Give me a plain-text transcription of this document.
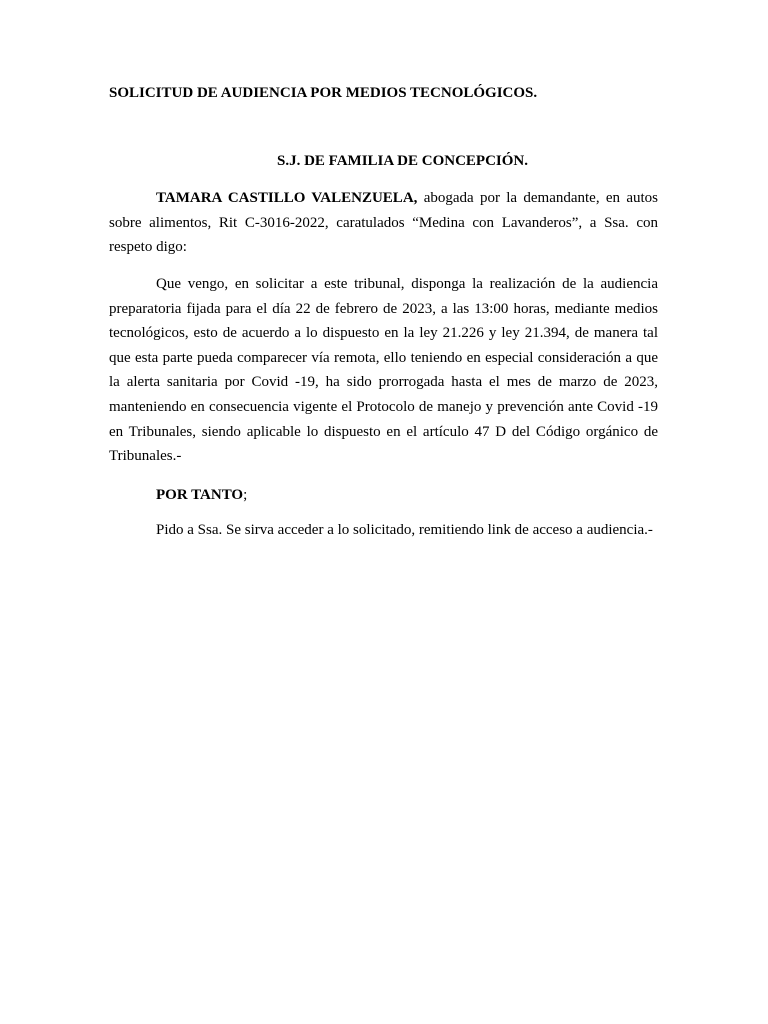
SOLICITUD DE AUDIENCIA POR MEDIOS TECNOLÓGICOS.
S.J. DE FAMILIA DE CONCEPCIÓN.
TAMARA CASTILLO VALENZUELA, abogada por la demandante, en autos sobre alimentos, Rit C-3016-2022, caratulados “Medina con Lavanderos”, a Ssa. con respeto digo:
Que vengo, en solicitar a este tribunal, disponga la realización de la audiencia preparatoria fijada para el día 22 de febrero de 2023, a las 13:00 horas, mediante medios tecnológicos, esto de acuerdo a lo dispuesto en la ley 21.226 y ley 21.394, de manera tal que esta parte pueda comparecer vía remota, ello teniendo en especial consideración a que la alerta sanitaria por Covid -19, ha sido prorrogada hasta el mes de marzo de 2023, manteniendo en consecuencia vigente el Protocolo de manejo y prevención ante Covid -19 en Tribunales, siendo aplicable lo dispuesto en el artículo 47 D del Código orgánico de Tribunales.-
POR TANTO;
Pido a Ssa. Se sirva acceder a lo solicitado, remitiendo link de acceso a audiencia.-
